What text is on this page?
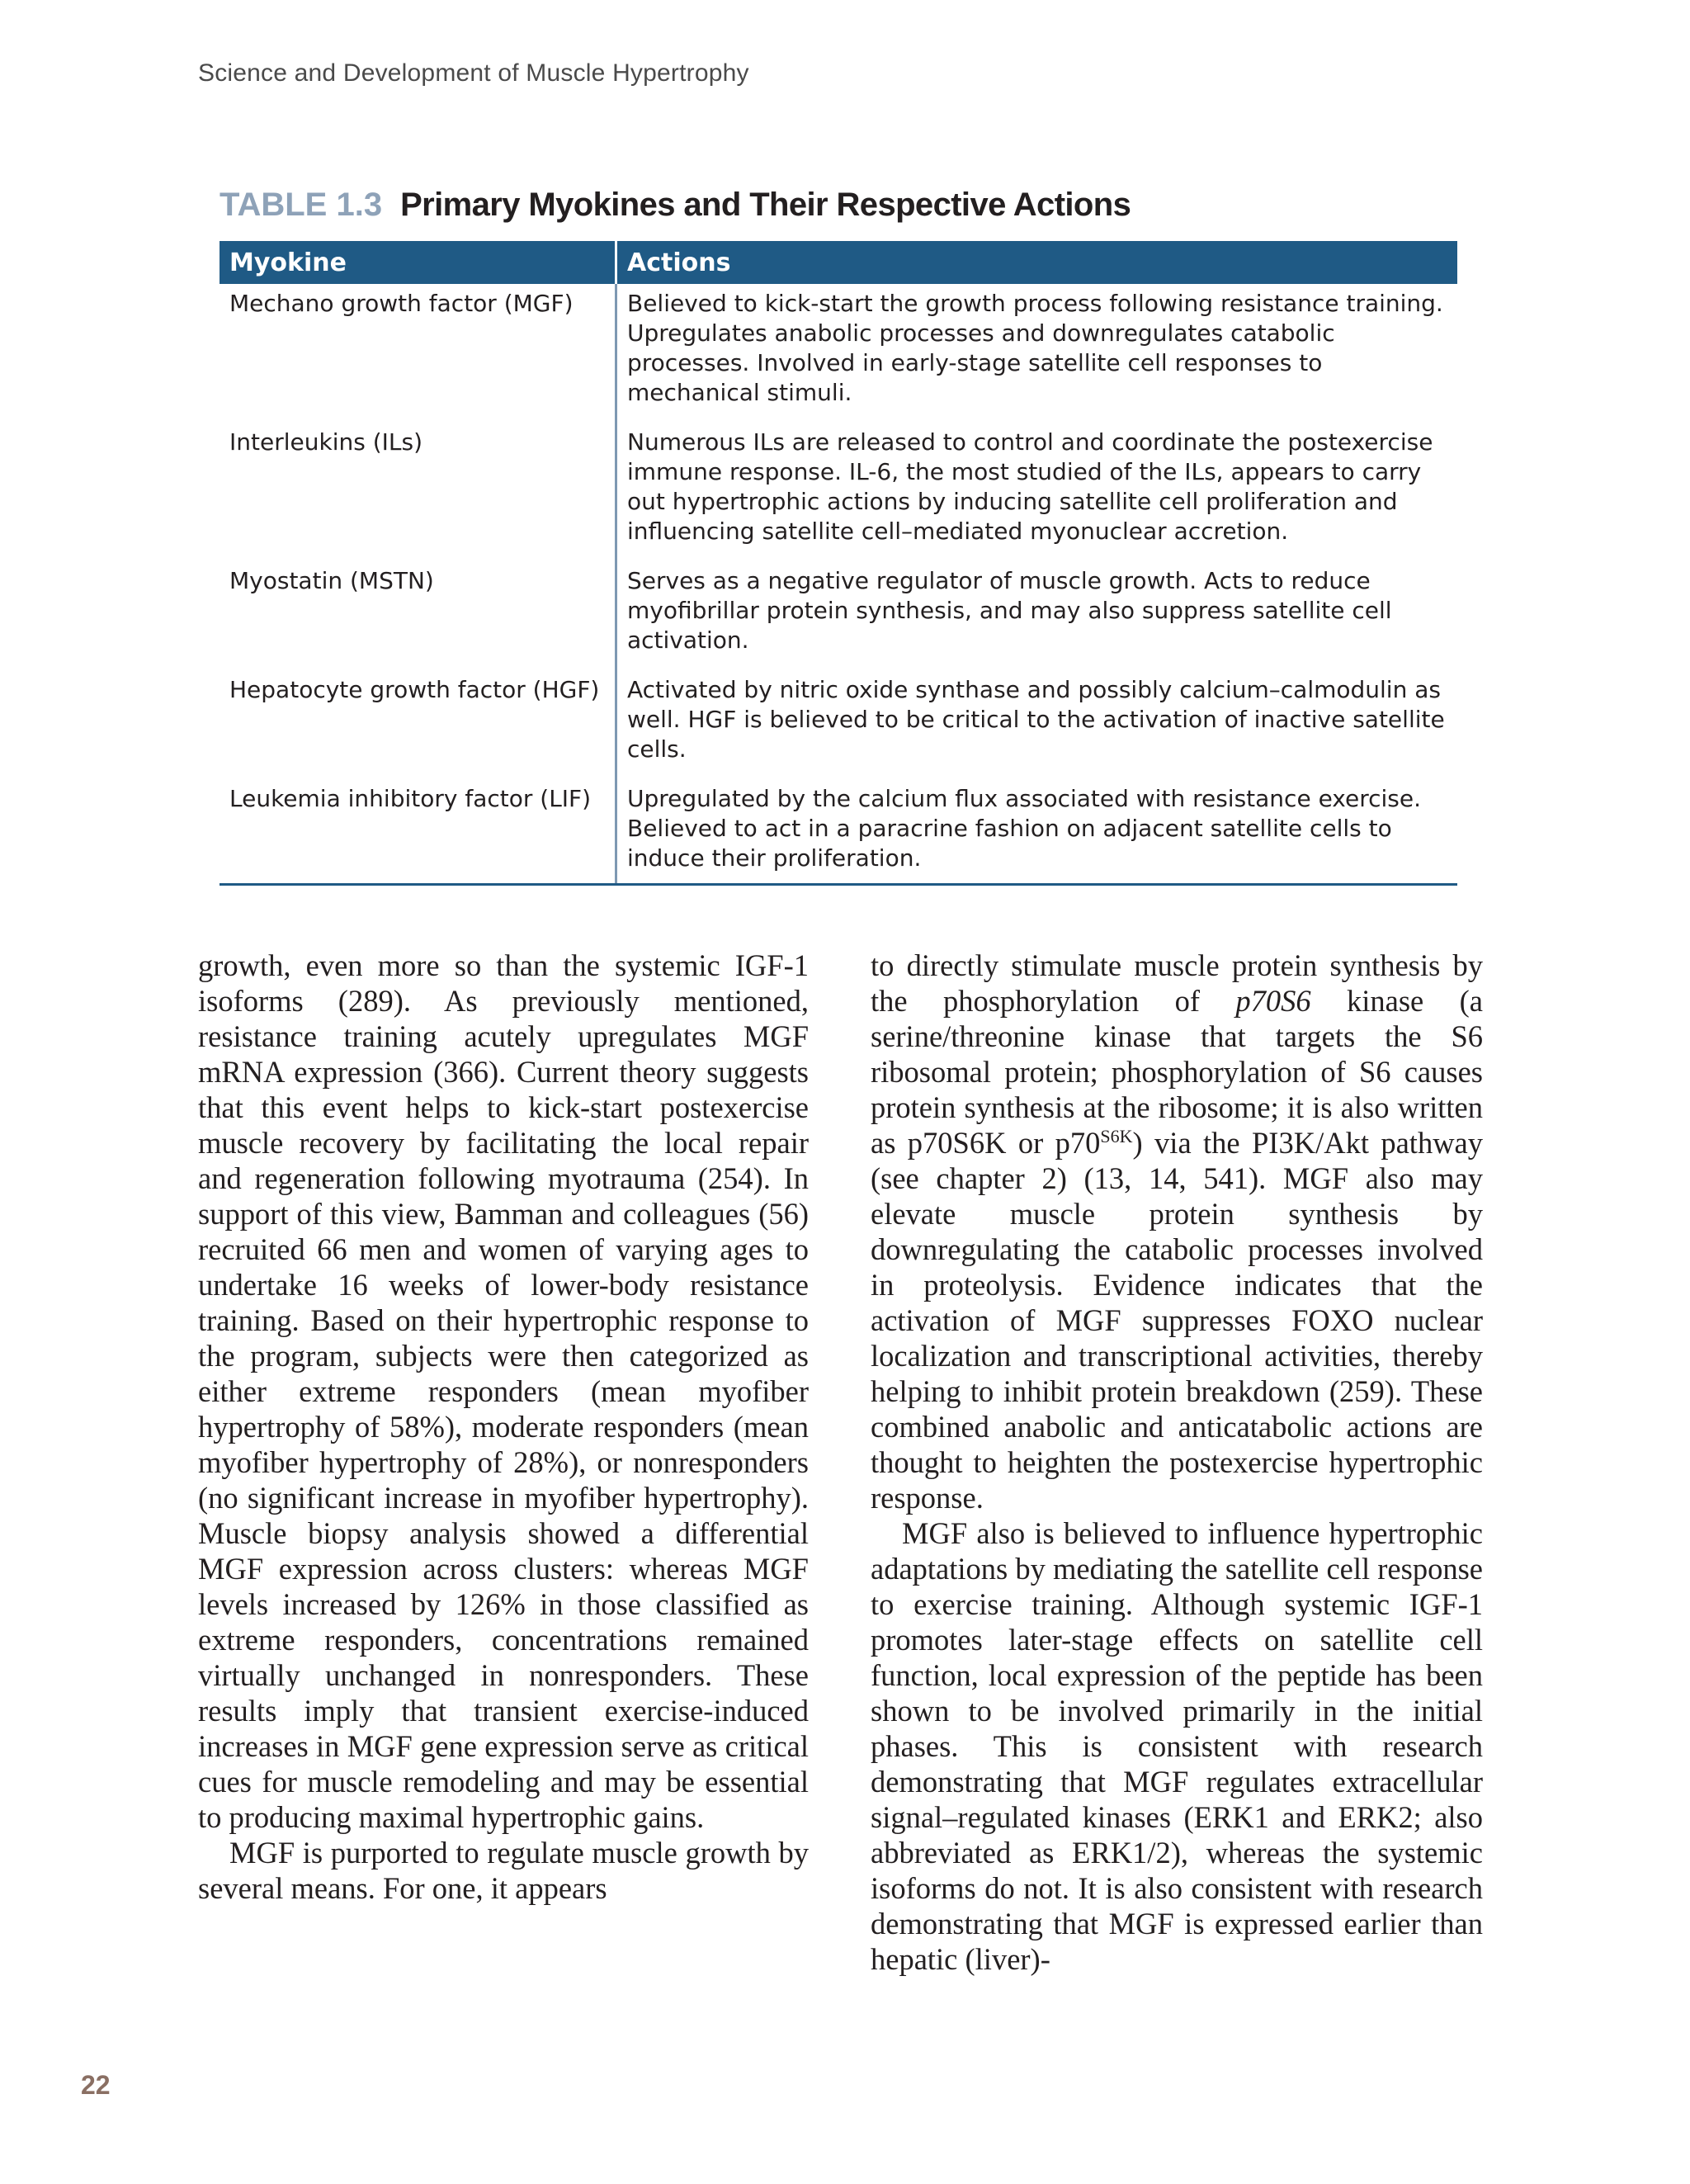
Science and Development of Muscle Hypertrophy
TABLE 1.3 Primary Myokines and Their Respective Actions
Myokine	Actions
Mechano growth factor (MGF)	Believed to kick-start the growth process following resistance training. Upregulates anabolic processes and downregulates catabolic processes. Involved in early-stage satellite cell responses to mechanical stimuli.
Interleukins (ILs)	Numerous ILs are released to control and coordinate the postexercise immune response. IL-6, the most studied of the ILs, appears to carry out hypertrophic actions by inducing satellite cell proliferation and influencing satellite cell–mediated myonuclear accretion.
Myostatin (MSTN)	Serves as a negative regulator of muscle growth. Acts to reduce myofibrillar protein synthesis, and may also suppress satellite cell activation.
Hepatocyte growth factor (HGF)	Activated by nitric oxide synthase and possibly calcium–calmodulin as well. HGF is believed to be critical to the activation of inactive satellite cells.
Leukemia inhibitory factor (LIF)	Upregulated by the calcium flux associated with resistance exercise. Believed to act in a paracrine fashion on adjacent satellite cells to induce their proliferation.

growth, even more so than the systemic IGF-1 isoforms (289). As previously mentioned, resistance training acutely upregulates MGF mRNA expression (366). Current theory suggests that this event helps to kick-start postexercise muscle recovery by facilitating the local repair and regeneration following myotrauma (254). In support of this view, Bamman and colleagues (56) recruited 66 men and women of varying ages to undertake 16 weeks of lower-body resistance training. Based on their hypertrophic response to the program, subjects were then categorized as either extreme responders (mean myofiber hypertrophy of 58%), moderate responders (mean myofiber hypertrophy of 28%), or nonresponders (no significant increase in myofiber hypertrophy). Muscle biopsy analysis showed a differential MGF expression across clusters: whereas MGF levels increased by 126% in those classified as extreme responders, concentrations remained virtually unchanged in nonresponders. These results imply that transient exercise-induced increases in MGF gene expression serve as critical cues for muscle remodeling and may be essential to producing maximal hypertrophic gains.

MGF is purported to regulate muscle growth by several means. For one, it appears

to directly stimulate muscle protein synthesis by the phosphorylation of p70S6 kinase (a serine/threonine kinase that targets the S6 ribosomal protein; phosphorylation of S6 causes protein synthesis at the ribosome; it is also written as p70S6K or $p70^{S6K}$) via the PI3K/Akt pathway (see chapter 2) (13, 14, 541). MGF also may elevate muscle protein synthesis by downregulating the catabolic processes involved in proteolysis. Evidence indicates that the activation of MGF suppresses FOXO nuclear localization and transcriptional activities, thereby helping to inhibit protein breakdown (259). These combined anabolic and anticatabolic actions are thought to heighten the postexercise hypertrophic response.

MGF also is believed to influence hypertrophic adaptations by mediating the satellite cell response to exercise training. Although systemic IGF-1 promotes later-stage effects on satellite cell function, local expression of the peptide has been shown to be involved primarily in the initial phases. This is consistent with research demonstrating that MGF regulates extracellular signal–regulated kinases (ERK1 and ERK2; also abbreviated as ERK1/2), whereas the systemic isoforms do not. It is also consistent with research demonstrating that MGF is expressed earlier than hepatic (liver)-

22
